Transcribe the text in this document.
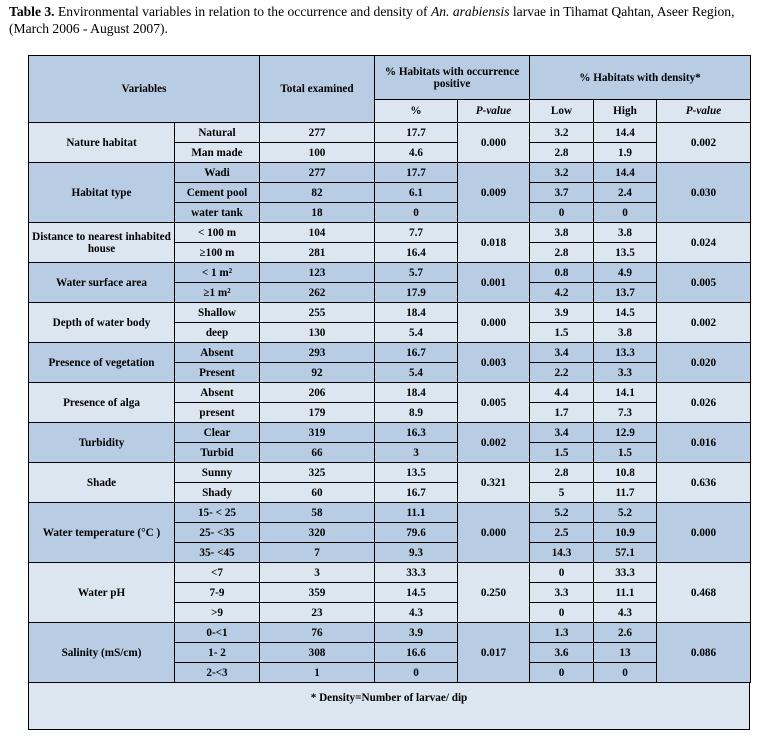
Table 3. Environmental variables in relation to the occurrence and density of An. arabiensis larvae in Tihamat Qahtan, Aseer Region, (March 2006 - August 2007).
Variables		Total examined	% Habitats with occurrence positive		% Habitats with density*		
			%	P-value	Low	High	P-value
Nature habitat	Natural	277	17.7	0.000	3.2	14.4	0.002
	Man made	100	4.6		2.8	1.9	
Habitat type	Wadi	277	17.7	0.009	3.2	14.4	0.030
	Cement pool	82	6.1		3.7	2.4	
	water tank	18	0		0	0	
Distance to nearest inhabited house	< 100 m	104	7.7	0.018	3.8	3.8	0.024
	≥100 m	281	16.4		2.8	13.5	
Water surface area	< 1 m²	123	5.7	0.001	0.8	4.9	0.005
	≥1 m²	262	17.9		4.2	13.7	
Depth of water body	Shallow	255	18.4	0.000	3.9	14.5	0.002
	deep	130	5.4		1.5	3.8	
Presence of vegetation	Absent	293	16.7	0.003	3.4	13.3	0.020
	Present	92	5.4		2.2	3.3	
Presence of alga	Absent	206	18.4	0.005	4.4	14.1	0.026
	present	179	8.9		1.7	7.3	
Turbidity	Clear	319	16.3	0.002	3.4	12.9	0.016
	Turbid	66	3		1.5	1.5	
Shade	Sunny	325	13.5	0.321	2.8	10.8	0.636
	Shady	60	16.7		5	11.7	
Water temperature (°C )	15- < 25	58	11.1	0.000	5.2	5.2	0.000
	25- <35	320	79.6		2.5	10.9	
	35- <45	7	9.3		14.3	57.1	
Water pH	<7	3	33.3	0.250	0	33.3	0.468
	7-9	359	14.5		3.3	11.1	
	>9	23	4.3		0	4.3	
Salinity (mS/cm)	0-<1	76	3.9	0.017	1.3	2.6	0.086
	1- 2	308	16.6		3.6	13	
	2-<3	1	0		0	0	
* Density=Number of larvae/ dip
